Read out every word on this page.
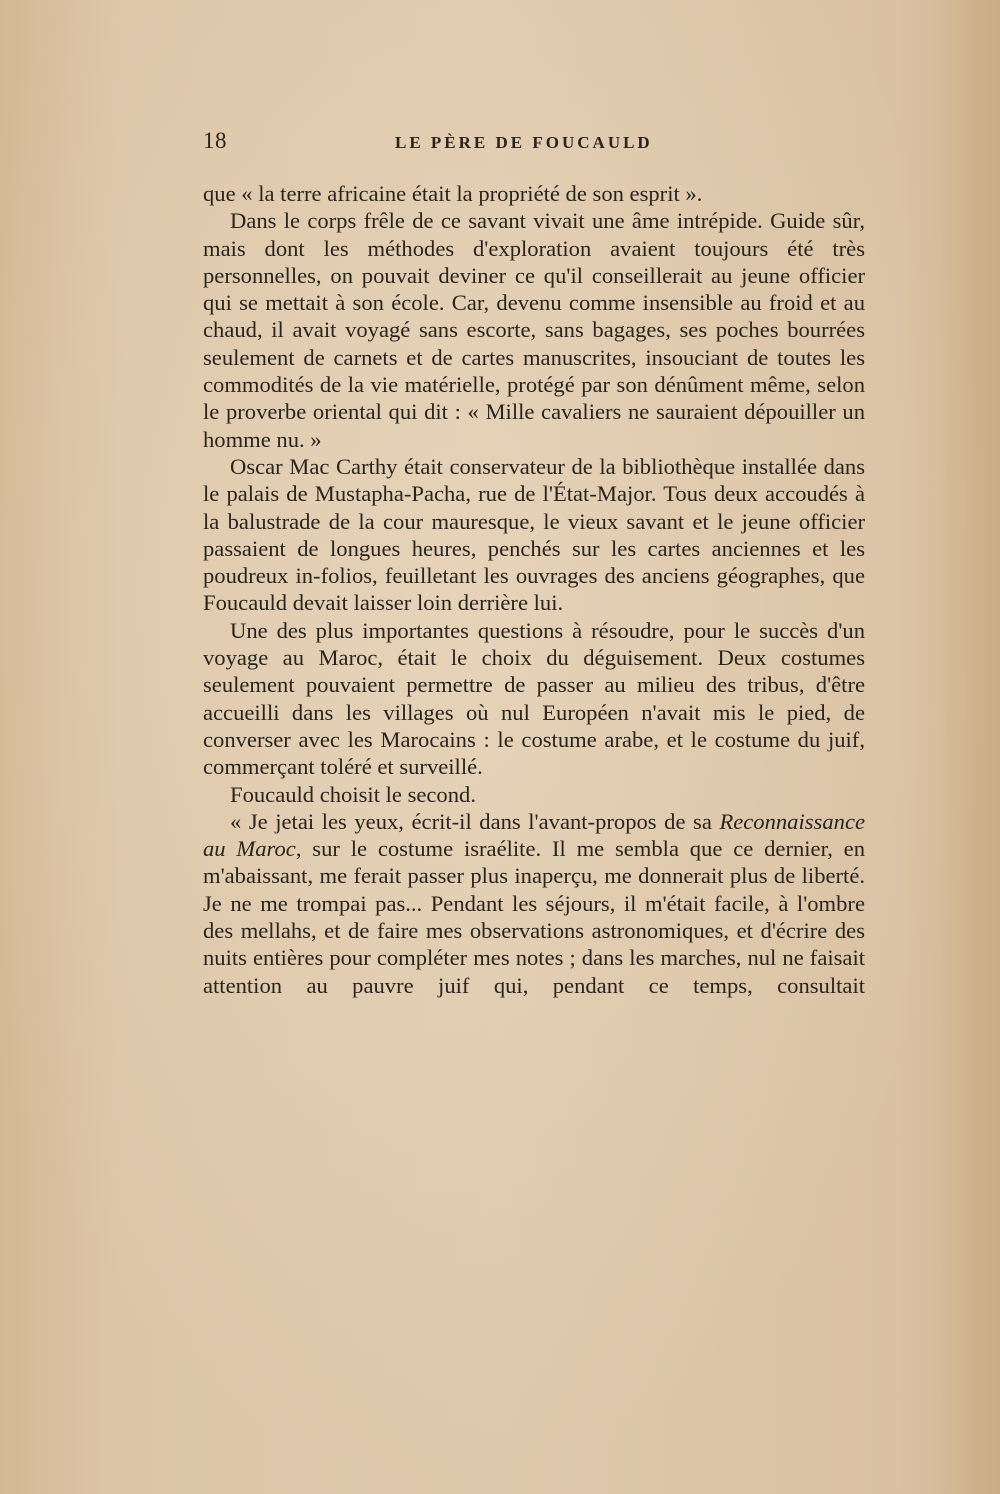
18	LE PÈRE DE FOUCAULD

que « la terre africaine était la propriété de son esprit ».

Dans le corps frêle de ce savant vivait une âme intrépide. Guide sûr, mais dont les méthodes d'exploration avaient toujours été très personnelles, on pouvait deviner ce qu'il conseillerait au jeune officier qui se mettait à son école. Car, devenu comme insensible au froid et au chaud, il avait voyagé sans escorte, sans bagages, ses poches bourrées seulement de carnets et de cartes manuscrites, insouciant de toutes les commodités de la vie matérielle, protégé par son dénûment même, selon le proverbe oriental qui dit : « Mille cavaliers ne sauraient dépouiller un homme nu. »

Oscar Mac Carthy était conservateur de la bibliothèque installée dans le palais de Mustapha-Pacha, rue de l'État-Major. Tous deux accoudés à la balustrade de la cour mauresque, le vieux savant et le jeune officier passaient de longues heures, penchés sur les cartes anciennes et les poudreux in-folios, feuilletant les ouvrages des anciens géographes, que Foucauld devait laisser loin derrière lui.

Une des plus importantes questions à résoudre, pour le succès d'un voyage au Maroc, était le choix du déguisement. Deux costumes seulement pouvaient permettre de passer au milieu des tribus, d'être accueilli dans les villages où nul Européen n'avait mis le pied, de converser avec les Marocains : le costume arabe, et le costume du juif, commerçant toléré et surveillé.

Foucauld choisit le second.

« Je jetai les yeux, écrit-il dans l'avant-propos de sa Reconnaissance au Maroc, sur le costume israélite. Il me sembla que ce dernier, en m'abaissant, me ferait passer plus inaperçu, me donnerait plus de liberté. Je ne me trompai pas... Pendant les séjours, il m'était facile, à l'ombre des mellahs, et de faire mes observations astronomiques, et d'écrire des nuits entières pour compléter mes notes ; dans les marches, nul ne faisait attention au pauvre juif qui, pendant ce temps, consultait
